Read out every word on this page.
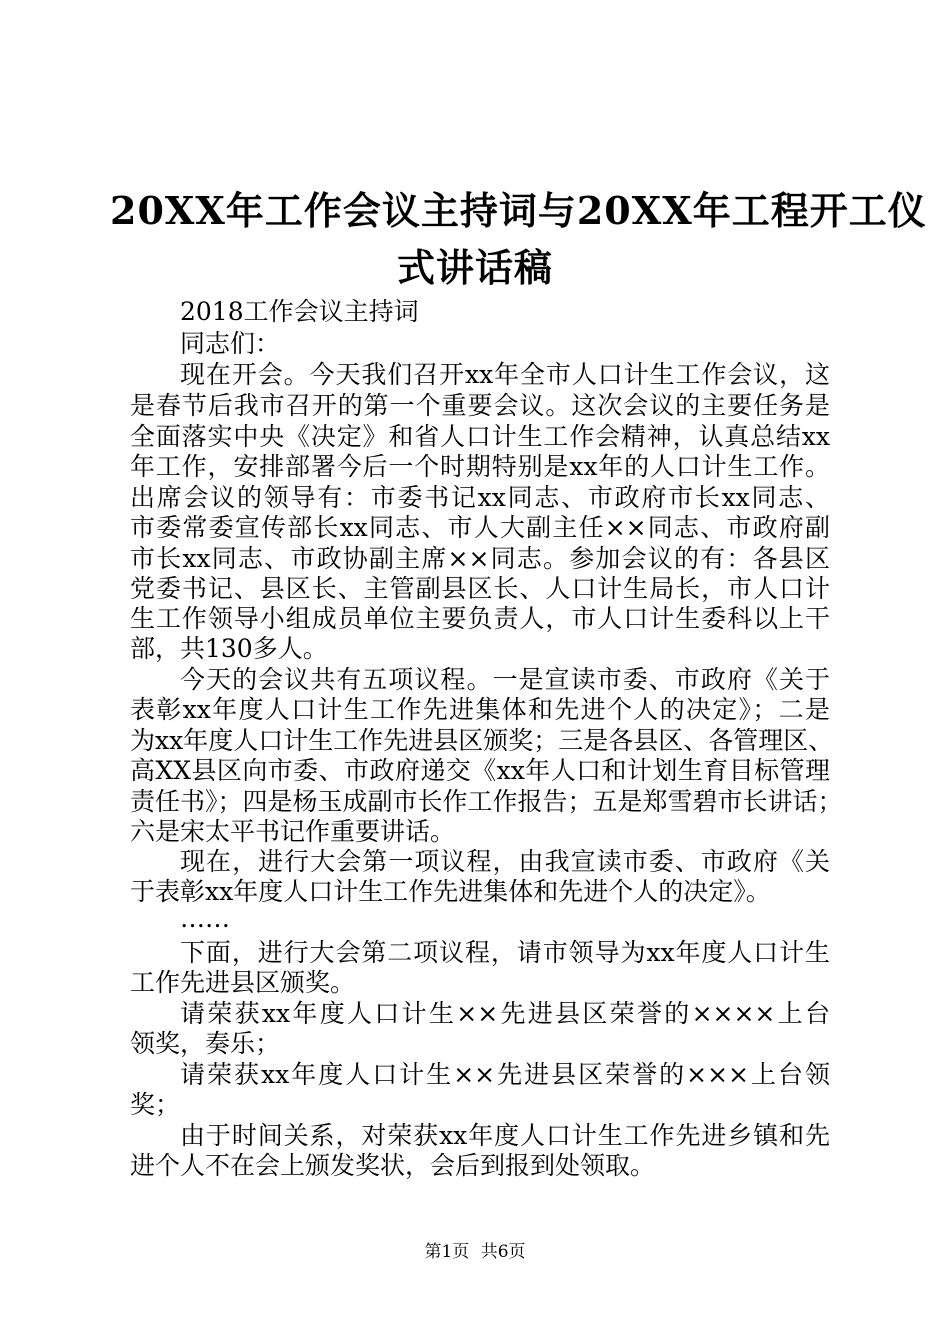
20XX年工作会议主持词与20XX年工程开工仪
式讲话稿
2018工作会议主持词
同志们：
现在开会。今天我们召开xx年全市人口计生工作会议，这
是春节后我市召开的第一个重要会议。这次会议的主要任务是
全面落实中央《决定》和省人口计生工作会精神，认真总结xx
年工作，安排部署今后一个时期特别是xx年的人口计生工作。
出席会议的领导有：市委书记xx同志、市政府市长xx同志、
市委常委宣传部长xx同志、市人大副主任××同志、市政府副
市长xx同志、市政协副主席××同志。参加会议的有：各县区
党委书记、县区长、主管副县区长、人口计生局长，市人口计
生工作领导小组成员单位主要负责人，市人口计生委科以上干
部，共130多人。
今天的会议共有五项议程。一是宣读市委、市政府《关于
表彰xx年度人口计生工作先进集体和先进个人的决定》；二是
为xx年度人口计生工作先进县区颁奖；三是各县区、各管理区、
高XX县区向市委、市政府递交《xx年人口和计划生育目标管理
责任书》；四是杨玉成副市长作工作报告；五是郑雪碧市长讲话；
六是宋太平书记作重要讲话。
现在，进行大会第一项议程，由我宣读市委、市政府《关
于表彰xx年度人口计生工作先进集体和先进个人的决定》。
……
下面，进行大会第二项议程，请市领导为xx年度人口计生
工作先进县区颁奖。
请荣获xx年度人口计生××先进县区荣誉的××××上台
领奖，奏乐；
请荣获xx年度人口计生××先进县区荣誉的×××上台领
奖；
由于时间关系，对荣获xx年度人口计生工作先进乡镇和先
进个人不在会上颁发奖状，会后到报到处领取。
第1页 共6页
